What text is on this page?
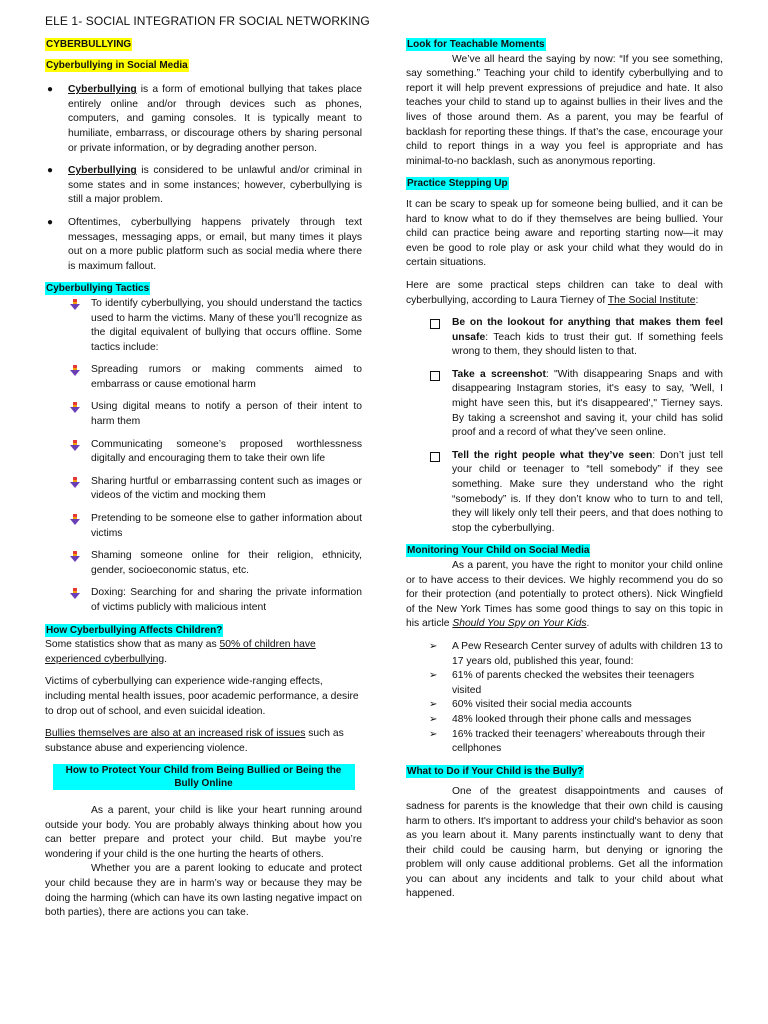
ELE 1- SOCIAL INTEGRATION FR SOCIAL NETWORKING
CYBERBULLYING
Cyberbullying in Social Media
● Cyberbullying is a form of emotional bullying that takes place entirely online and/or through devices such as phones, computers, and gaming consoles. It is typically meant to humiliate, embarrass, or discourage others by sharing personal or private information, or by degrading another person.
● Cyberbullying is considered to be unlawful and/or criminal in some states and in some instances; however, cyberbullying is still a major problem.
● Oftentimes, cyberbullying happens privately through text messages, messaging apps, or email, but many times it plays out on a more public platform such as social media where there is maximum fallout.
Cyberbullying Tactics
To identify cyberbullying, you should understand the tactics used to harm the victims. Many of these you’ll recognize as the digital equivalent of bullying that occurs offline. Some tactics include:
Spreading rumors or making comments aimed to embarrass or cause emotional harm
Using digital means to notify a person of their intent to harm them
Communicating someone’s proposed worthlessness digitally and encouraging them to take their own life
Sharing hurtful or embarrassing content such as images or videos of the victim and mocking them
Pretending to be someone else to gather information about victims
Shaming someone online for their religion, ethnicity, gender, socioeconomic status, etc.
Doxing: Searching for and sharing the private information of victims publicly with malicious intent
How Cyberbullying Affects Children?

Some statistics show that as many as 50% of children have experienced cyberbullying.

Victims of cyberbullying can experience wide-ranging effects, including mental health issues, poor academic performance, a desire to drop out of school, and even suicidal ideation.

Bullies themselves are also at an increased risk of issues such as substance abuse and experiencing violence.

How to Protect Your Child from Being Bullied or Being the Bully Online

As a parent, your child is like your heart running around outside your body. You are probably always thinking about how you can better prepare and protect your child. But maybe you’re wondering if your child is the one hurting the hearts of others.

Whether you are a parent looking to educate and protect your child because they are in harm’s way or because they may be doing the harming (which can have its own lasting negative impact on both parties), there are actions you can take.

Look for Teachable Moments

We’ve all heard the saying by now: “If you see something, say something.” Teaching your child to identify cyberbullying and to report it will help prevent expressions of prejudice and hate. It also teaches your child to stand up to against bullies in their lives and the lives of those around them. As a parent, you may be fearful of backlash for reporting these things. If that’s the case, encourage your child to report things in a way you feel is appropriate and has minimal-to-no backlash, such as anonymous reporting.

Practice Stepping Up

It can be scary to speak up for someone being bullied, and it can be hard to know what to do if they themselves are being bullied. Your child can practice being aware and reporting starting now—it may even be good to role play or ask your child what they would do in certain situations.

Here are some practical steps children can take to deal with cyberbullying, according to Laura Tierney of The Social Institute:

Be on the lookout for anything that makes them feel unsafe: Teach kids to trust their gut. If something feels wrong to them, they should listen to that.
Take a screenshot: "With disappearing Snaps and with disappearing Instagram stories, it's easy to say, 'Well, I might have seen this, but it's disappeared'," Tierney says. By taking a screenshot and saving it, your child has solid proof and a record of what they’ve seen online.
Tell the right people what they’ve seen: Don’t just tell your child or teenager to “tell somebody” if they see something. Make sure they understand who the right “somebody” is. If they don’t know who to turn to and tell, they will likely only tell their peers, and that does nothing to stop the cyberbullying.
Monitoring Your Child on Social Media

As a parent, you have the right to monitor your child online or to have access to their devices. We highly recommend you do so for their protection (and potentially to protect others). Nick Wingfield of the New York Times has some good things to say on this topic in his article Should You Spy on Your Kids.

➢ A Pew Research Center survey of adults with children 13 to 17 years old, published this year, found:
➢ 61% of parents checked the websites their teenagers visited
➢ 60% visited their social media accounts
➢ 48% looked through their phone calls and messages
➢ 16% tracked their teenagers’ whereabouts through their cellphones
What to Do if Your Child is the Bully?

One of the greatest disappointments and causes of sadness for parents is the knowledge that their own child is causing harm to others. It's important to address your child's behavior as soon as you learn about it. Many parents instinctually want to deny that their child could be causing harm, but denying or ignoring the problem will only cause additional problems. Get all the information you can about any incidents and talk to your child about what happened.
